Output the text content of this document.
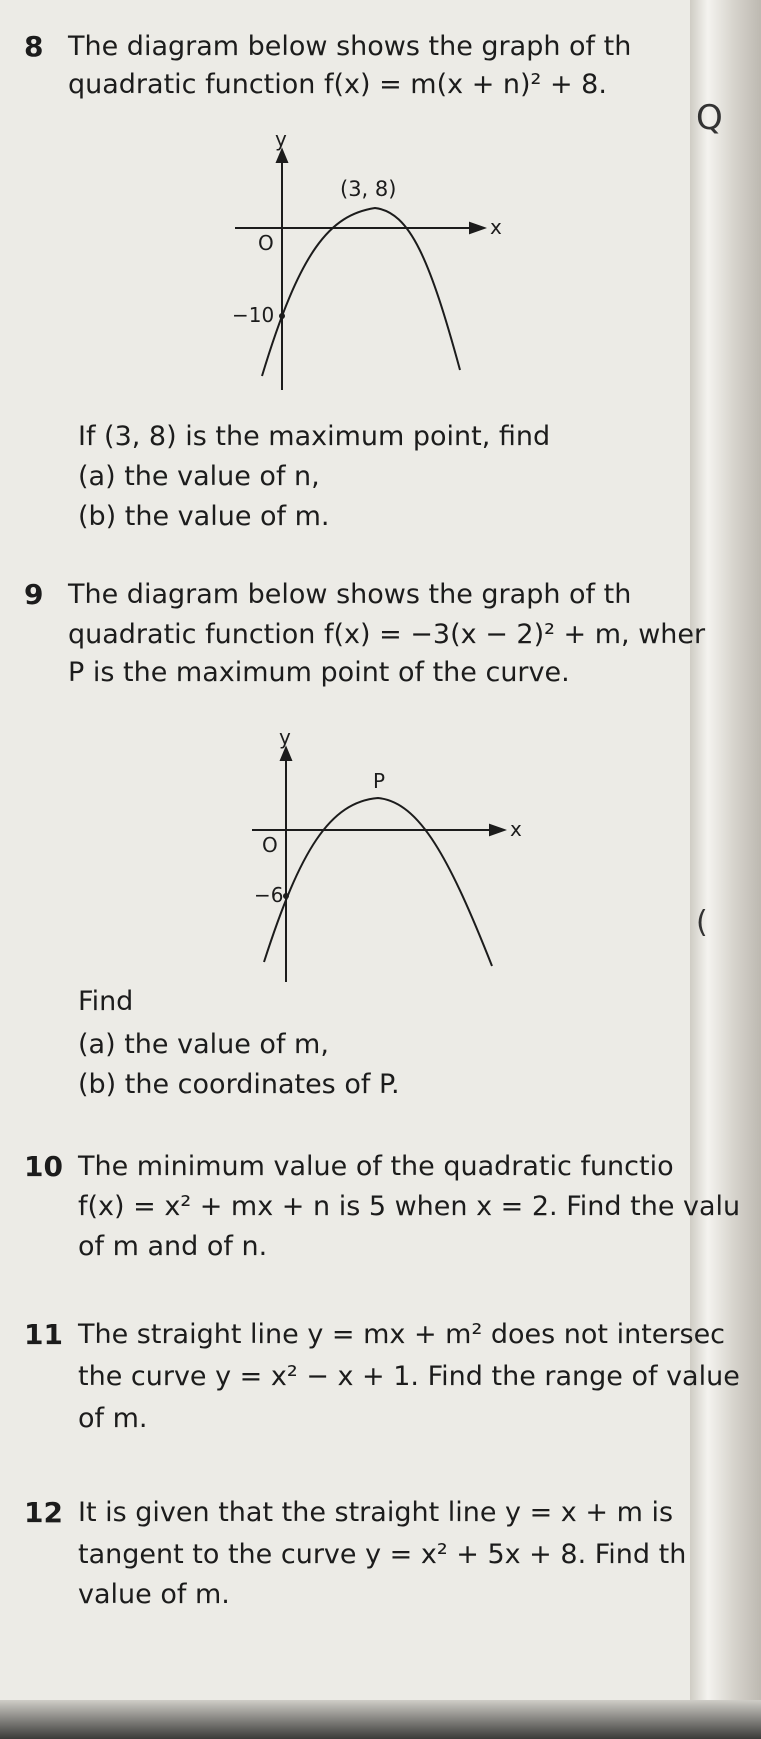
Q
(
8 The diagram below shows the graph of th
quadratic function f(x) = m(x + n)² + 8.
y
x
O
(3, 8)
−10
If (3, 8) is the maximum point, find
(a) the value of n,
(b) the value of m.
9 The diagram below shows the graph of th
quadratic function f(x) = −3(x − 2)² + m, wher
P is the maximum point of the curve.
y
x
O
P
−6
Find
(a) the value of m,
(b) the coordinates of P.
10 The minimum value of the quadratic functio
f(x) = x² + mx + n is 5 when x = 2. Find the valu
of m and of n.
11 The straight line y = mx + m² does not intersec
the curve y = x² − x + 1. Find the range of value
of m.
12 It is given that the straight line y = x + m is
tangent to the curve y = x² + 5x + 8. Find th
value of m.
